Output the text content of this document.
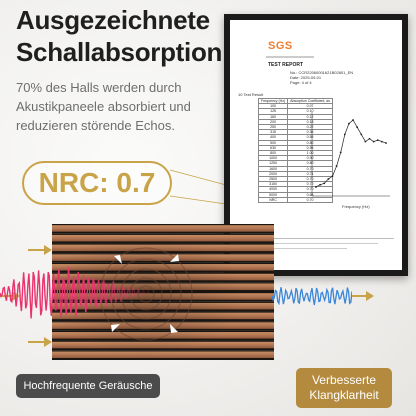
Ausgezeichnete
Schallabsorption
70% des Halls werden durch Akustikpaneele absorbiert und reduzieren störende Echos.
SGS
TEST REPORT
No.: CCR22060001621B02801_EN
Date: 2025-09-01
Page: 4 of 4
10 Test Result
Frequency (Hz)	Absorption Coefficient, αs
100	0.07
125	0.10
160	0.12
200	0.18
250	0.22
315	0.36
400	0.55
500	0.80
630	0.95
800	1.00
1000	0.90
1250	0.80
1600	0.70
2000	0.74
2500	0.70
3150	0.72
4000	0.70
5000	0.68
NRC	0.70
Frequency (Hz)
NRC: 0.7
Hochfrequente Geräusche	Verbesserte Klangklarheit
